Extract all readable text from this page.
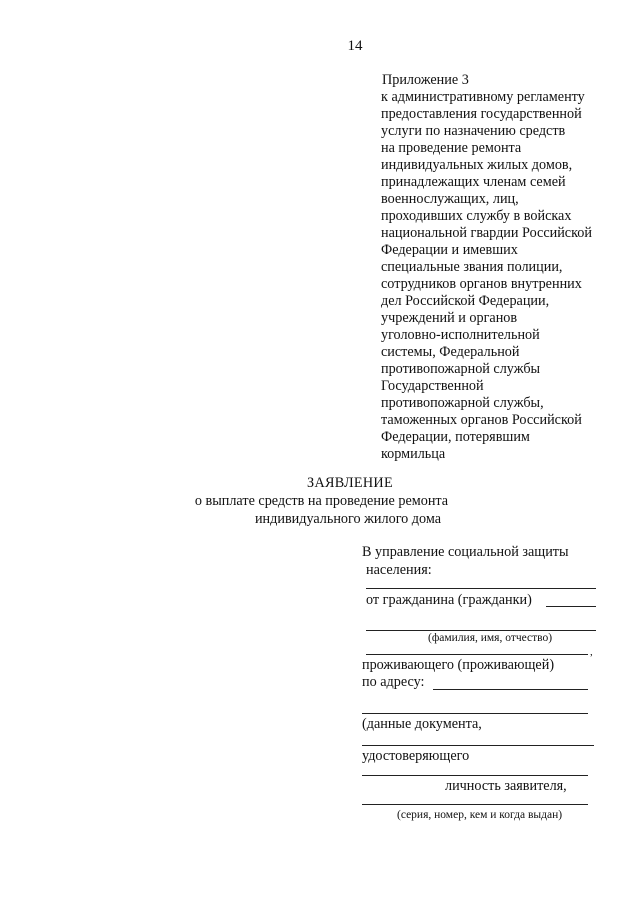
14
Приложение 3
к административному регламенту
предоставления государственной
услуги по назначению средств
на проведение ремонта
индивидуальных жилых домов,
принадлежащих членам семей
военнослужащих, лиц,
проходивших службу в войсках
национальной гвардии Российской
Федерации и имевших
специальные звания полиции,
сотрудников органов внутренних
дел Российской Федерации,
учреждений и органов
уголовно-исполнительной
системы, Федеральной
противопожарной службы
Государственной
противопожарной службы,
таможенных органов Российской
Федерации, потерявшим
кормильца
ЗАЯВЛЕНИЕ
о выплате средств на проведение ремонта
индивидуального жилого дома
В управление социальной защиты
населения:
от гражданина (гражданки)
(фамилия, имя, отчество)
,
проживающего (проживающей)
по адресу:
(данные документа,
удостоверяющего
личность заявителя,
(серия, номер, кем и когда выдан)
